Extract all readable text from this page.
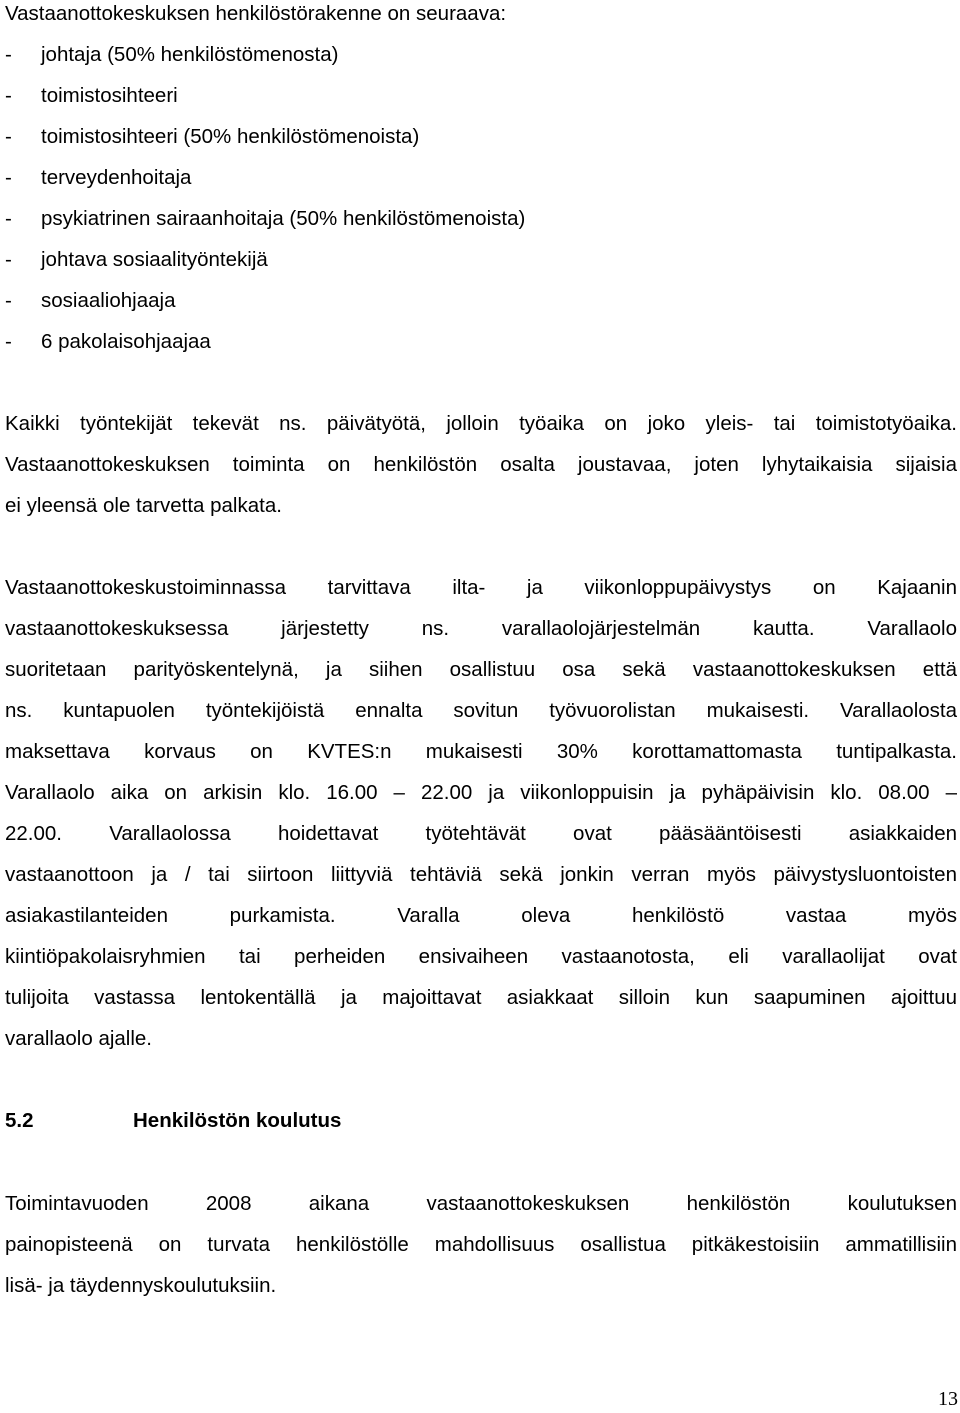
Vastaanottokeskuksen henkilöstörakenne on seuraava:
- johtaja (50% henkilöstömenosta)
- toimistosihteeri
- toimistosihteeri (50% henkilöstömenoista)
- terveydenhoitaja
- psykiatrinen sairaanhoitaja (50% henkilöstömenoista)
- johtava sosiaalityöntekijä
- sosiaaliohjaaja
- 6 pakolaisohjaajaa
Kaikki työntekijät tekevät ns. päivätyötä, jolloin työaika on joko yleis- tai toimistotyöaika.
Vastaanottokeskuksen toiminta on henkilöstön osalta joustavaa, joten lyhytaikaisia sijaisia
ei yleensä ole tarvetta palkata.
Vastaanottokeskustoiminnassa tarvittava ilta- ja viikonloppupäivystys on Kajaanin
vastaanottokeskuksessa järjestetty ns. varallaolojärjestelmän kautta. Varallaolo
suoritetaan parityöskentelynä, ja siihen osallistuu osa sekä vastaanottokeskuksen että
ns. kuntapuolen työntekijöistä ennalta sovitun työvuorolistan mukaisesti. Varallaolosta
maksettava korvaus on KVTES:n mukaisesti 30% korottamattomasta tuntipalkasta.
Varallaolo aika on arkisin klo. 16.00 – 22.00 ja viikonloppuisin ja pyhäpäivisin klo. 08.00 –
22.00. Varallaolossa hoidettavat työtehtävät ovat pääsääntöisesti asiakkaiden
vastaanottoon ja / tai siirtoon liittyviä tehtäviä sekä jonkin verran myös päivystysluontoisten
asiakastilanteiden purkamista. Varalla oleva henkilöstö vastaa myös
kiintiöpakolaisryhmien tai perheiden ensivaiheen vastaanotosta, eli varallaolijat ovat
tulijoita vastassa lentokentällä ja majoittavat asiakkaat silloin kun saapuminen ajoittuu
varallaolo ajalle.
5.2	Henkilöstön koulutus
Toimintavuoden 2008 aikana vastaanottokeskuksen henkilöstön koulutuksen
painopisteenä on turvata henkilöstölle mahdollisuus osallistua pitkäkestoisiin ammatillisiin
lisä- ja täydennyskoulutuksiin.
13
